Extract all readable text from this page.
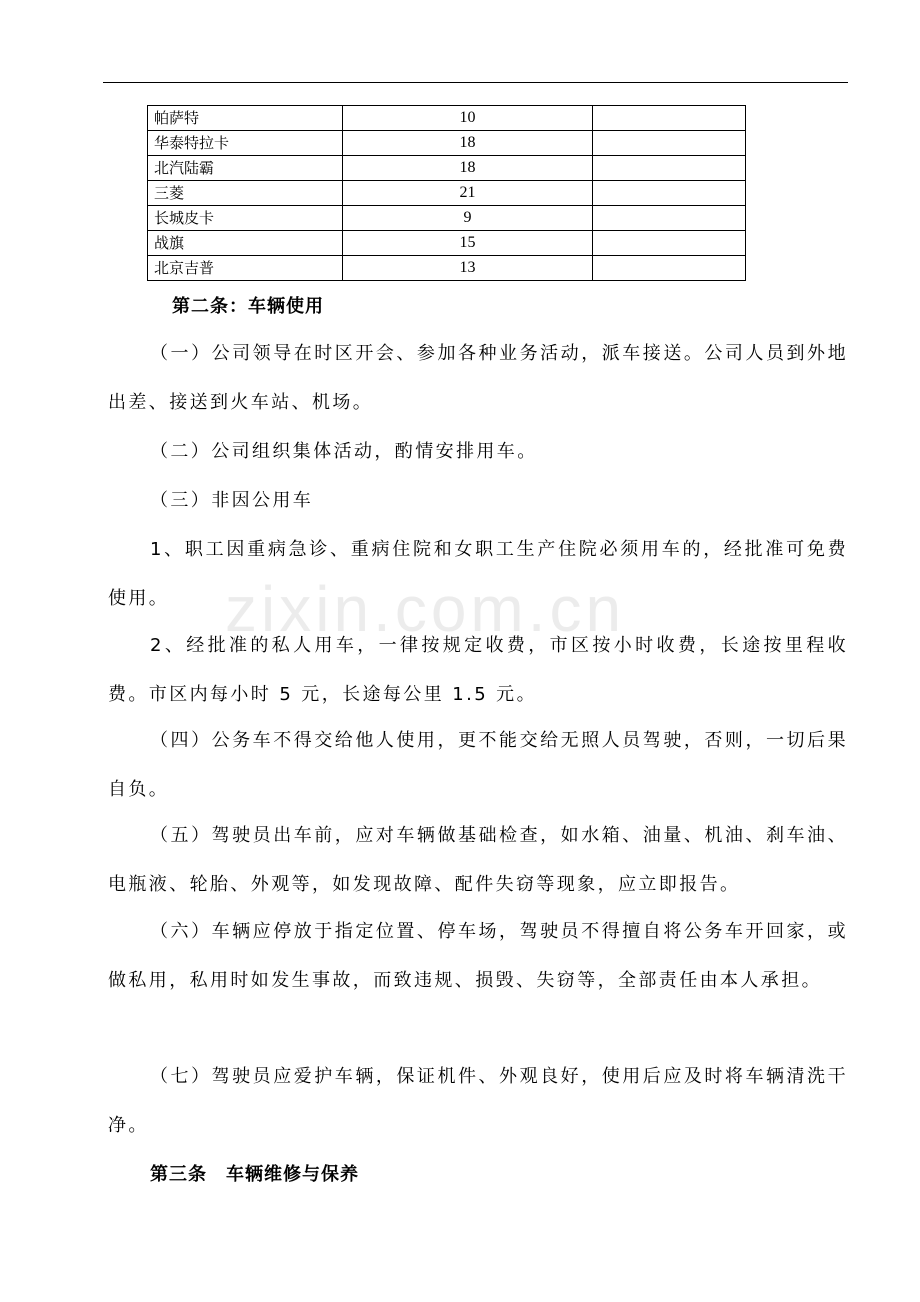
zixin.com.cn
帕萨特	10	
华泰特拉卡	18	
北汽陆霸	18	
三菱	21	
长城皮卡	9	
战旗	15	
北京吉普	13	
第二条：车辆使用
（一）公司领导在时区开会、参加各种业务活动，派车接送。公司人员到外地出差、接送到火车站、机场。
（二）公司组织集体活动，酌情安排用车。
（三）非因公用车
1、职工因重病急诊、重病住院和女职工生产住院必须用车的，经批准可免费使用。
2、经批准的私人用车，一律按规定收费，市区按小时收费，长途按里程收费。市区内每小时 5 元，长途每公里 1.5 元。
（四）公务车不得交给他人使用，更不能交给无照人员驾驶，否则，一切后果自负。
（五）驾驶员出车前，应对车辆做基础检查，如水箱、油量、机油、刹车油、电瓶液、轮胎、外观等，如发现故障、配件失窃等现象，应立即报告。
（六）车辆应停放于指定位置、停车场，驾驶员不得擅自将公务车开回家，或做私用，私用时如发生事故，而致违规、损毁、失窃等，全部责任由本人承担。
（七）驾驶员应爱护车辆，保证机件、外观良好，使用后应及时将车辆清洗干净。
第三条　车辆维修与保养
